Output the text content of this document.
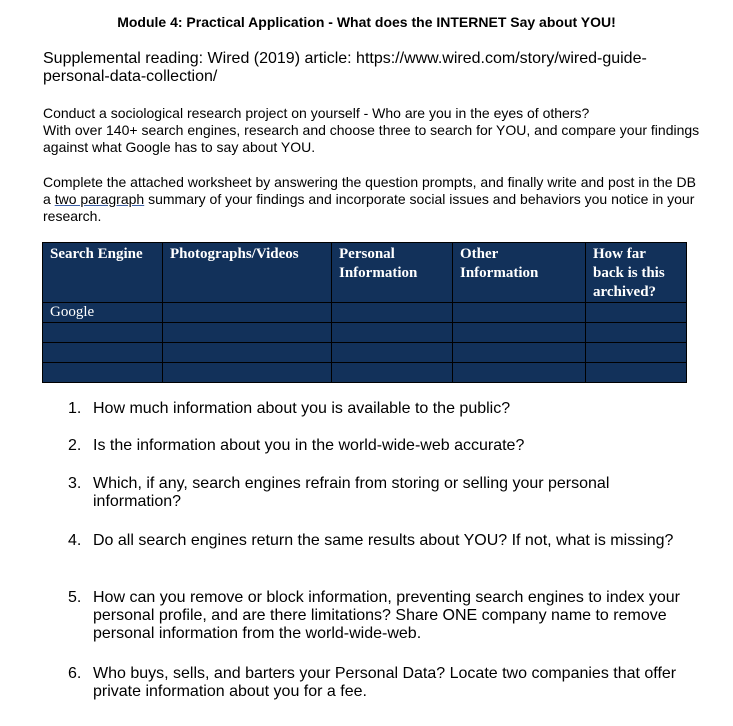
Module 4: Practical Application - What does the INTERNET Say about YOU!
Supplemental reading: Wired (2019) article: https://www.wired.com/story/wired-guide-personal-data-collection/
Conduct a sociological research project on yourself - Who are you in the eyes of others?
With over 140+ search engines, research and choose three to search for YOU, and compare your findings against what Google has to say about YOU.
Complete the attached worksheet by answering the question prompts, and finally write and post in the DB a two paragraph summary of your findings and incorporate social issues and behaviors you notice in your research.
Search Engine	Photographs/Videos	Personal Information	Other Information	How far back is this archived?
Google				

1. How much information about you is available to the public?
2. Is the information about you in the world-wide-web accurate?
3. Which, if any, search engines refrain from storing or selling your personal information?
4. Do all search engines return the same results about YOU? If not, what is missing?
5. How can you remove or block information, preventing search engines to index your personal profile, and are there limitations? Share ONE company name to remove personal information from the world-wide-web.
6. Who buys, sells, and barters your Personal Data? Locate two companies that offer private information about you for a fee.
